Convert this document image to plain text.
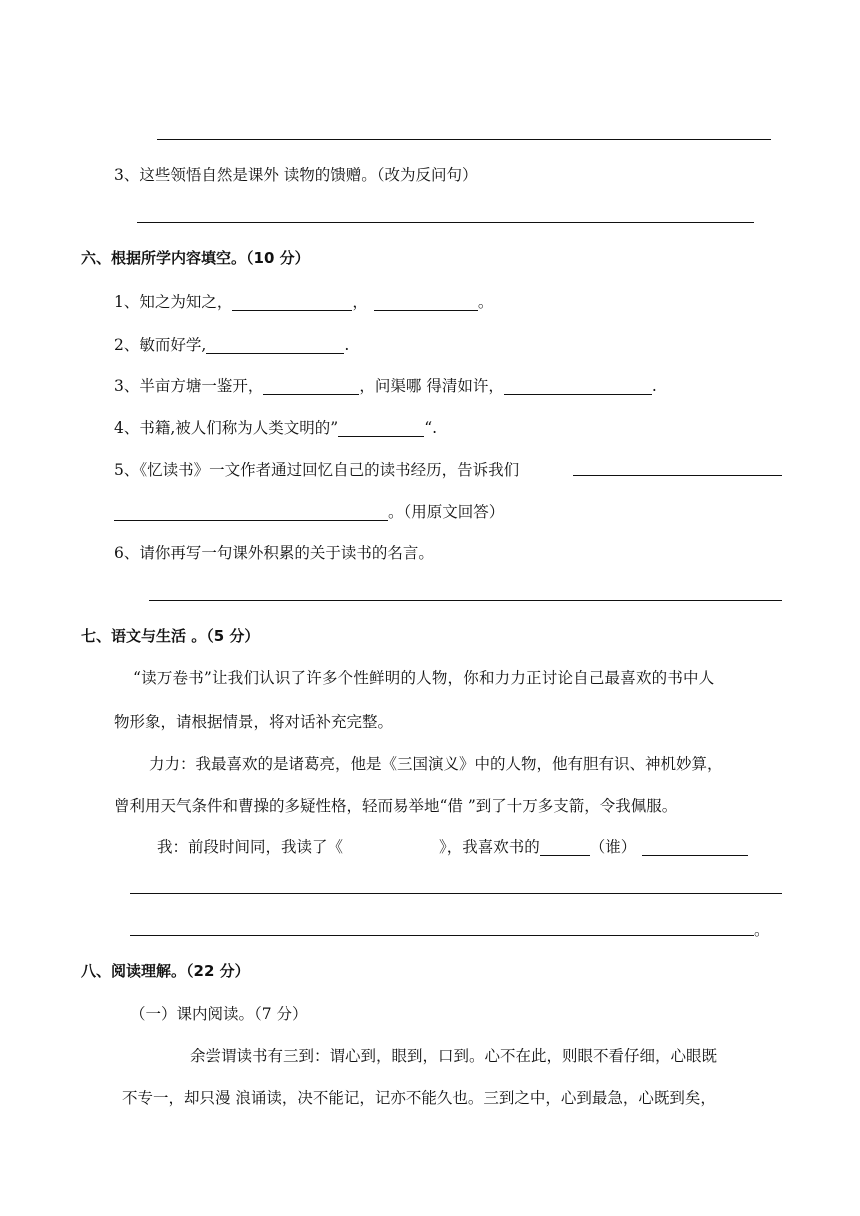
3、这些领悟自然是课外 读物的馈赠。（改为反问句）
六、根据所学内容填空。（10 分）
1、知之为知之，	，	。
2、敏而好学,	.
3、半亩方塘一鉴开，	，问渠哪 得清如许，	.
4、书籍,被人们称为人类文明的”	“.
5、《忆读书》一文作者通过回忆自己的读书经历，告诉我们
。（用原文回答）
6、请你再写一句课外积累的关于读书的名言。
七、语文与生活 。（5 分）
“读万卷书”让我们认识了许多个性鲜明的人物，你和力力正讨论自己最喜欢的书中人
物形象，请根据情景，将对话补充完整。
力力：我最喜欢的是诸葛亮，他是《三国演义》中的人物，他有胆有识、神机妙算，
曾利用天气条件和曹操的多疑性格，轻而易举地“借 ”到了十万多支箭，令我佩服。
我：前段时间同，我读了《	》，我喜欢书的	（谁）
。
八、阅读理解。（22 分）
（一）课内阅读。（7 分）
余尝谓读书有三到：谓心到，眼到，口到。心不在此，则眼不看仔细，心眼既
不专一，却只漫 浪诵读，决不能记，记亦不能久也。三到之中，心到最急，心既到矣，
